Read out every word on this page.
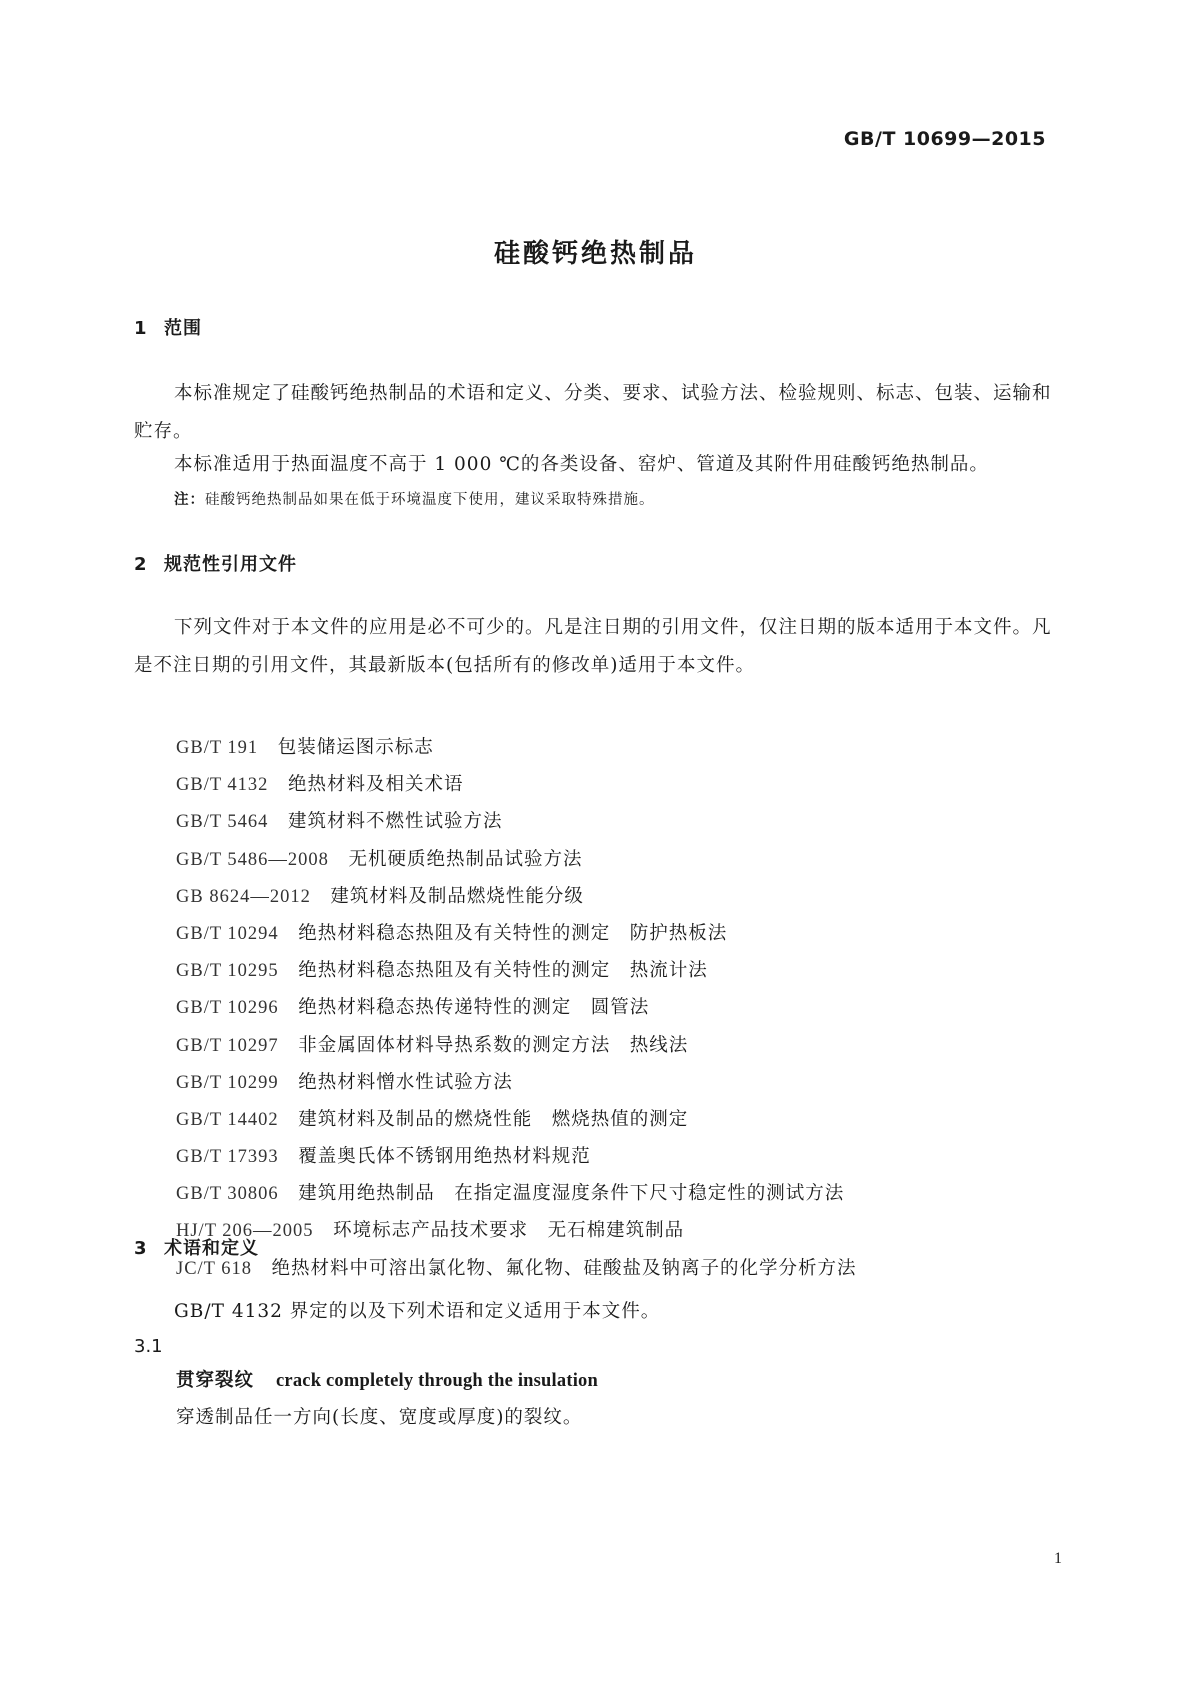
GB/T 10699—2015
硅酸钙绝热制品
1 范围
本标准规定了硅酸钙绝热制品的术语和定义、分类、要求、试验方法、检验规则、标志、包装、运输和贮存。
本标准适用于热面温度不高于 1 000 ℃的各类设备、窑炉、管道及其附件用硅酸钙绝热制品。
注：硅酸钙绝热制品如果在低于环境温度下使用，建议采取特殊措施。
2 规范性引用文件
下列文件对于本文件的应用是必不可少的。凡是注日期的引用文件，仅注日期的版本适用于本文件。凡是不注日期的引用文件，其最新版本(包括所有的修改单)适用于本文件。
GB/T 191　 包装储运图示标志
GB/T 4132　 绝热材料及相关术语
GB/T 5464　 建筑材料不燃性试验方法
GB/T 5486—2008　 无机硬质绝热制品试验方法
GB 8624—2012　 建筑材料及制品燃烧性能分级
GB/T 10294　 绝热材料稳态热阻及有关特性的测定　防护热板法
GB/T 10295　 绝热材料稳态热阻及有关特性的测定　热流计法
GB/T 10296　 绝热材料稳态热传递特性的测定　圆管法
GB/T 10297　 非金属固体材料导热系数的测定方法　热线法
GB/T 10299　 绝热材料憎水性试验方法
GB/T 14402　 建筑材料及制品的燃烧性能　燃烧热值的测定
GB/T 17393　 覆盖奥氏体不锈钢用绝热材料规范
GB/T 30806　 建筑用绝热制品　在指定温度湿度条件下尺寸稳定性的测试方法
HJ/T 206—2005　 环境标志产品技术要求　无石棉建筑制品
JC/T 618　 绝热材料中可溶出氯化物、氟化物、硅酸盐及钠离子的化学分析方法
3 术语和定义
GB/T 4132 界定的以及下列术语和定义适用于本文件。
3.1
贯穿裂纹 crack completely through the insulation
穿透制品任一方向(长度、宽度或厚度)的裂纹。
1
